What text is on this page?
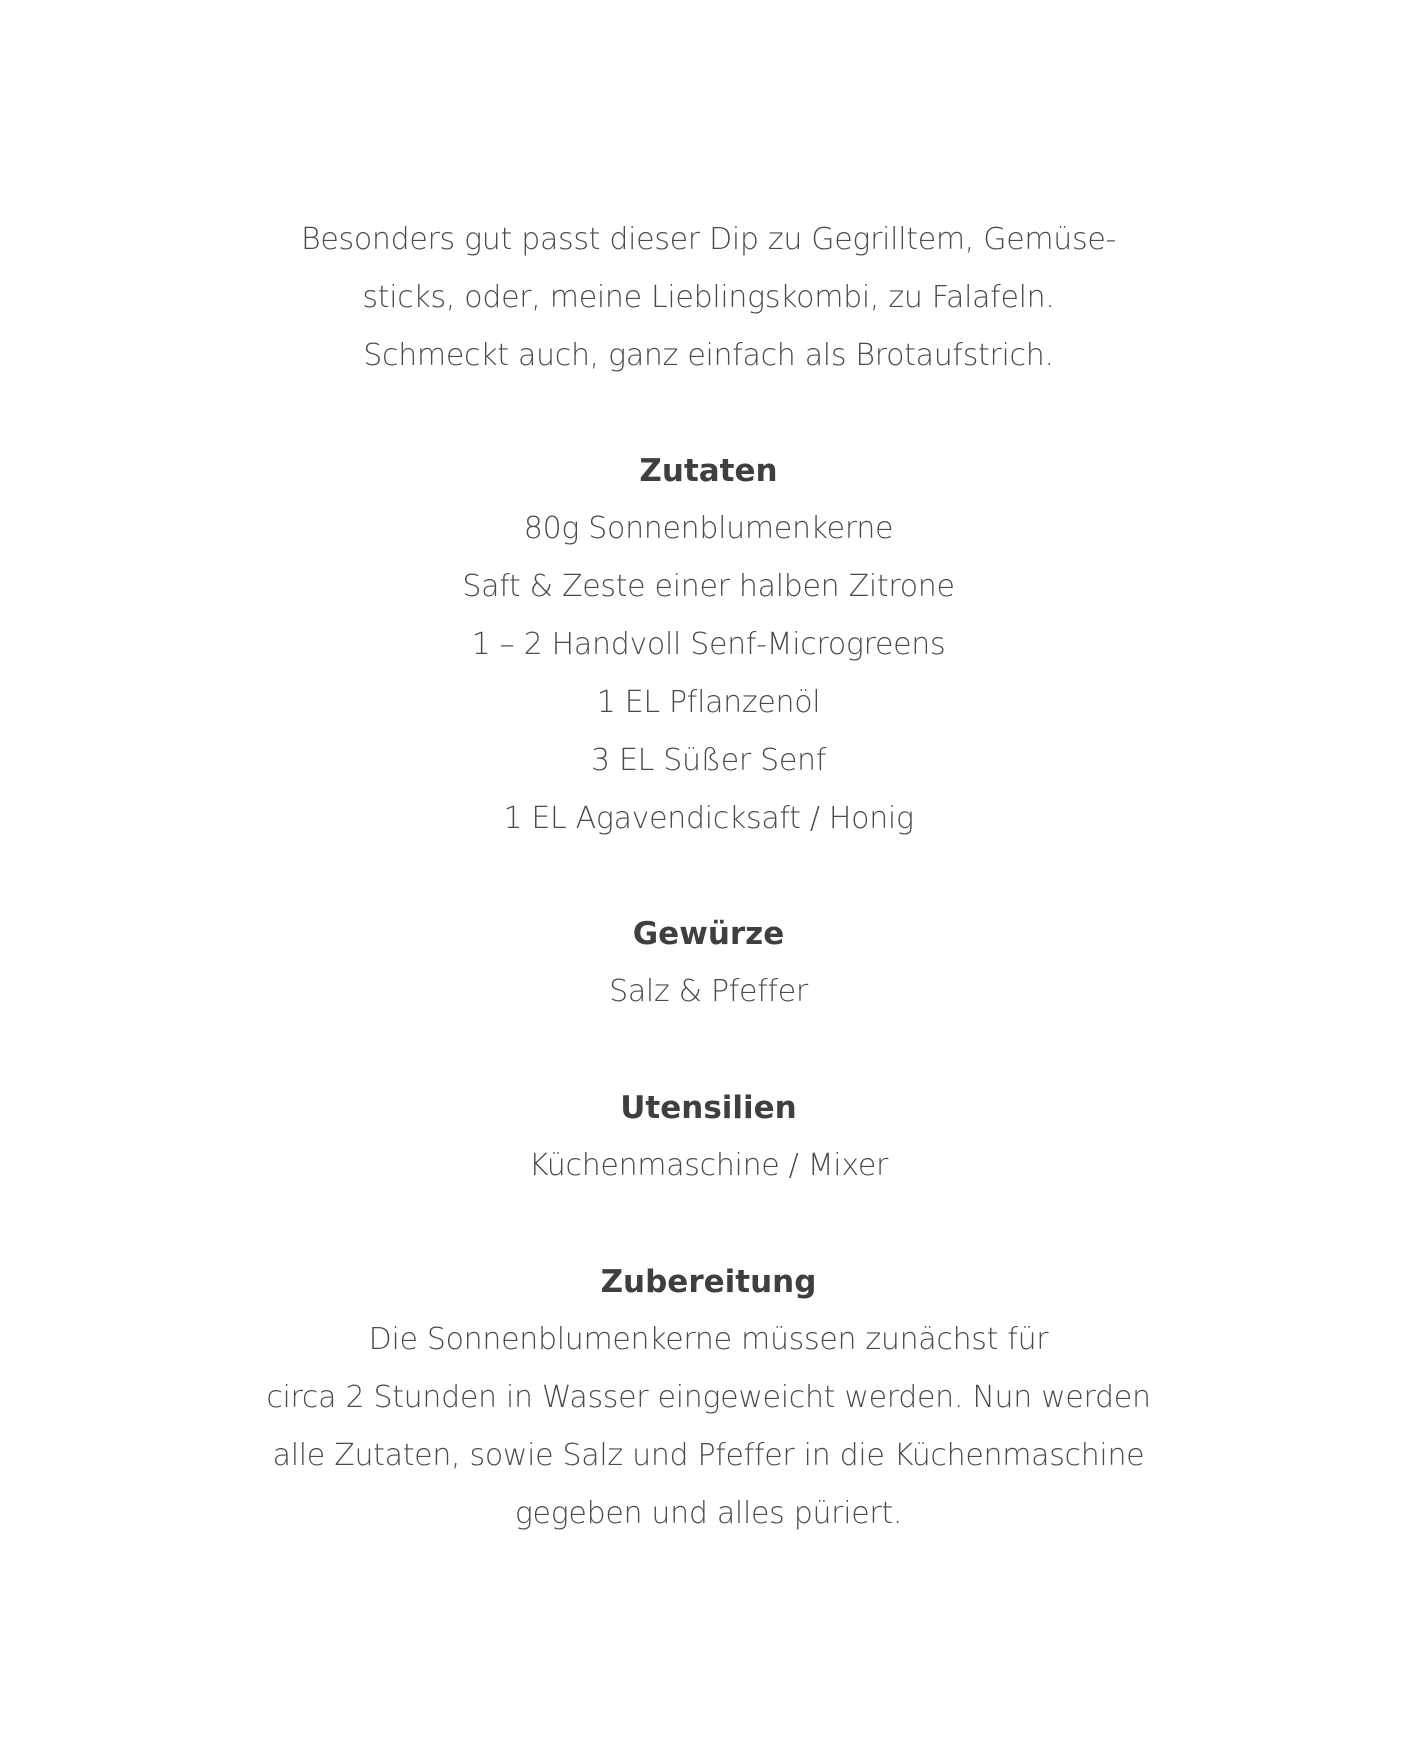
Besonders gut passt dieser Dip zu Gegrilltem, Gemüse-
sticks, oder, meine Lieblingskombi, zu Falafeln.
Schmeckt auch, ganz einfach als Brotaufstrich.
Zutaten
80g Sonnenblumenkerne
Saft & Zeste einer halben Zitrone
1 – 2 Handvoll Senf-Microgreens
1 EL Pflanzenöl
3 EL Süßer Senf
1 EL Agavendicksaft / Honig
Gewürze
Salz & Pfeffer
Utensilien
Küchenmaschine / Mixer
Zubereitung
Die Sonnenblumenkerne müssen zunächst für
circa 2 Stunden in Wasser eingeweicht werden. Nun werden
alle Zutaten, sowie Salz und Pfeffer in die Küchenmaschine
gegeben und alles püriert.
